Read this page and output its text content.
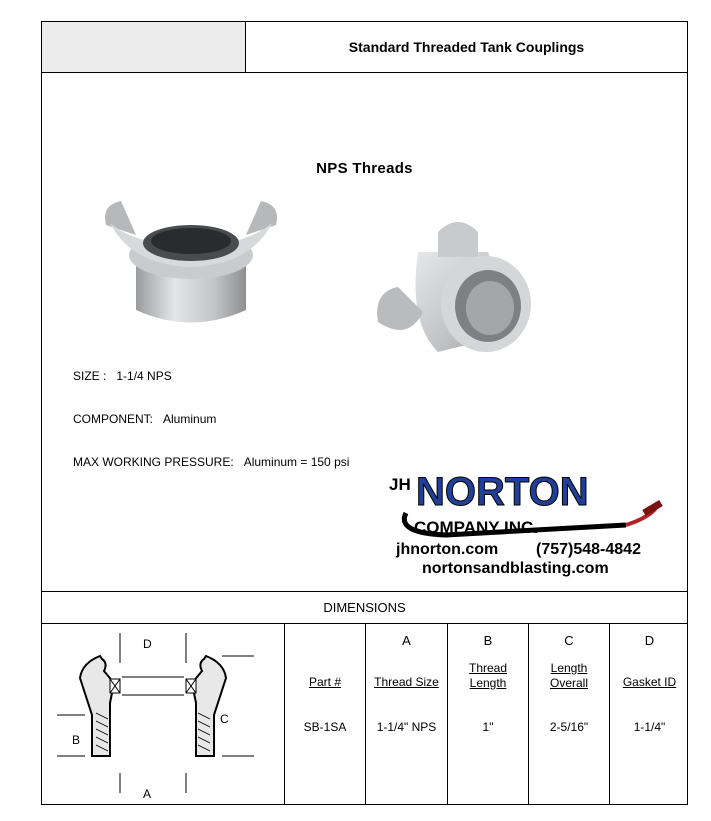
Standard Threaded Tank Couplings
NPS Threads
SIZE : 1-1/4 NPS
COMPONENT: Aluminum
MAX WORKING PRESSURE: Aluminum = 150 psi
JH NORTON
COMPANY INC.
jhnorton.com (757)548-4842
nortonsandblasting.com
DIMENSIONS
D
C
B
A
Part #
SB-1SA
A
Thread Size
1-1/4" NPS
B
Thread Length
1"
C
Length Overall
2-5/16"
D
Gasket ID
1-1/4"
